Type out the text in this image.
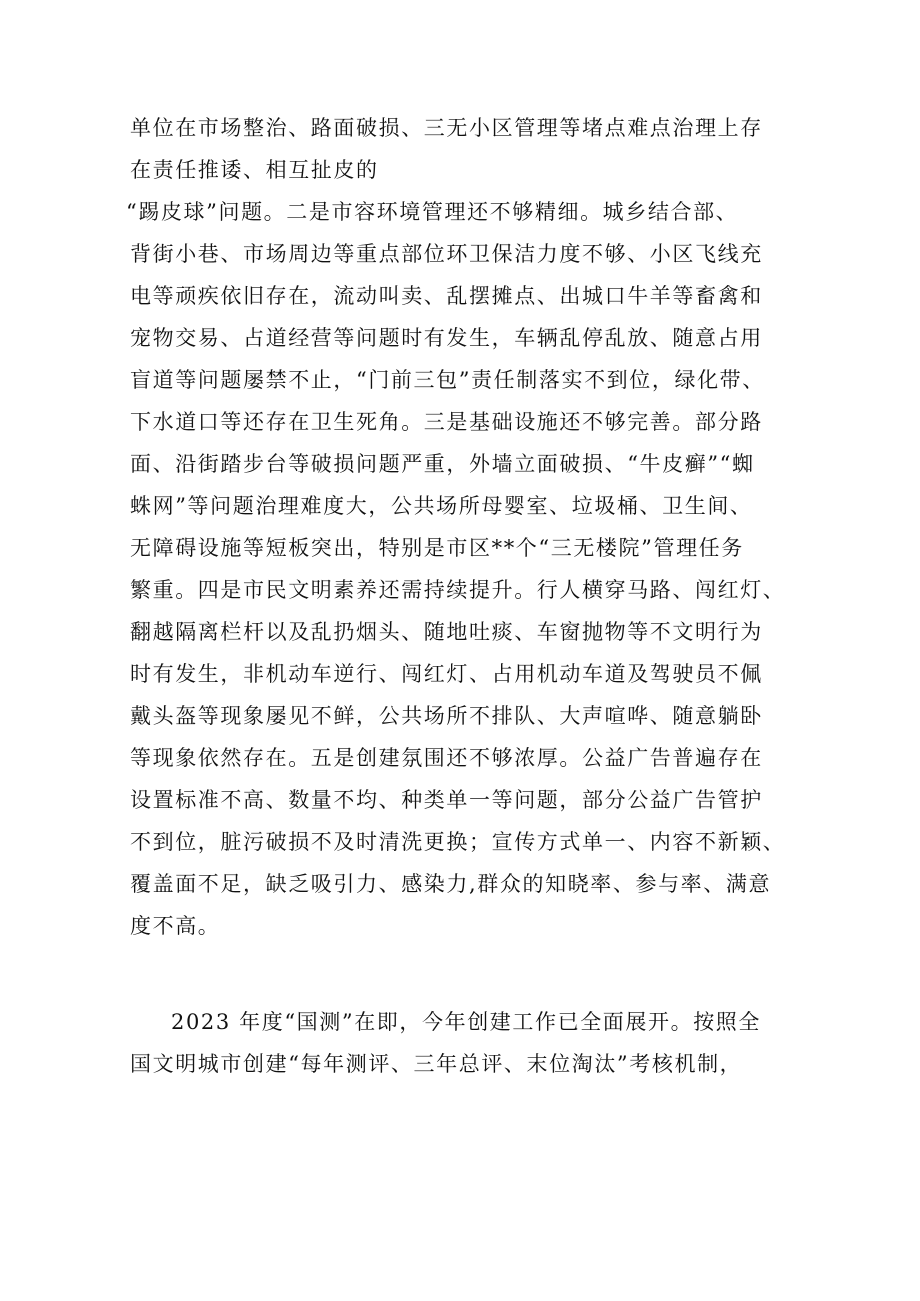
单位在市场整治、路面破损、三无小区管理等堵点难点治理上存
在责任推诿、相互扯皮的
“踢皮球”问题。二是市容环境管理还不够精细。城乡结合部、
背街小巷、市场周边等重点部位环卫保洁力度不够、小区飞线充
电等顽疾依旧存在，流动叫卖、乱摆摊点、出城口牛羊等畜禽和
宠物交易、占道经营等问题时有发生，车辆乱停乱放、随意占用
盲道等问题屡禁不止，“门前三包”责任制落实不到位，绿化带、
下水道口等还存在卫生死角。三是基础设施还不够完善。部分路
面、沿街踏步台等破损问题严重，外墙立面破损、“牛皮癣”“蜘
蛛网”等问题治理难度大，公共场所母婴室、垃圾桶、卫生间、
无障碍设施等短板突出，特别是市区**个“三无楼院”管理任务
繁重。四是市民文明素养还需持续提升。行人横穿马路、闯红灯、
翻越隔离栏杆以及乱扔烟头、随地吐痰、车窗抛物等不文明行为
时有发生，非机动车逆行、闯红灯、占用机动车道及驾驶员不佩
戴头盔等现象屡见不鲜，公共场所不排队、大声喧哗、随意躺卧
等现象依然存在。五是创建氛围还不够浓厚。公益广告普遍存在
设置标准不高、数量不均、种类单一等问题，部分公益广告管护
不到位，脏污破损不及时清洗更换；宣传方式单一、内容不新颖、
覆盖面不足，缺乏吸引力、感染力,群众的知晓率、参与率、满意
度不高。
2023 年度“国测”在即，今年创建工作已全面展开。按照全
国文明城市创建“每年测评、三年总评、末位淘汰”考核机制，
